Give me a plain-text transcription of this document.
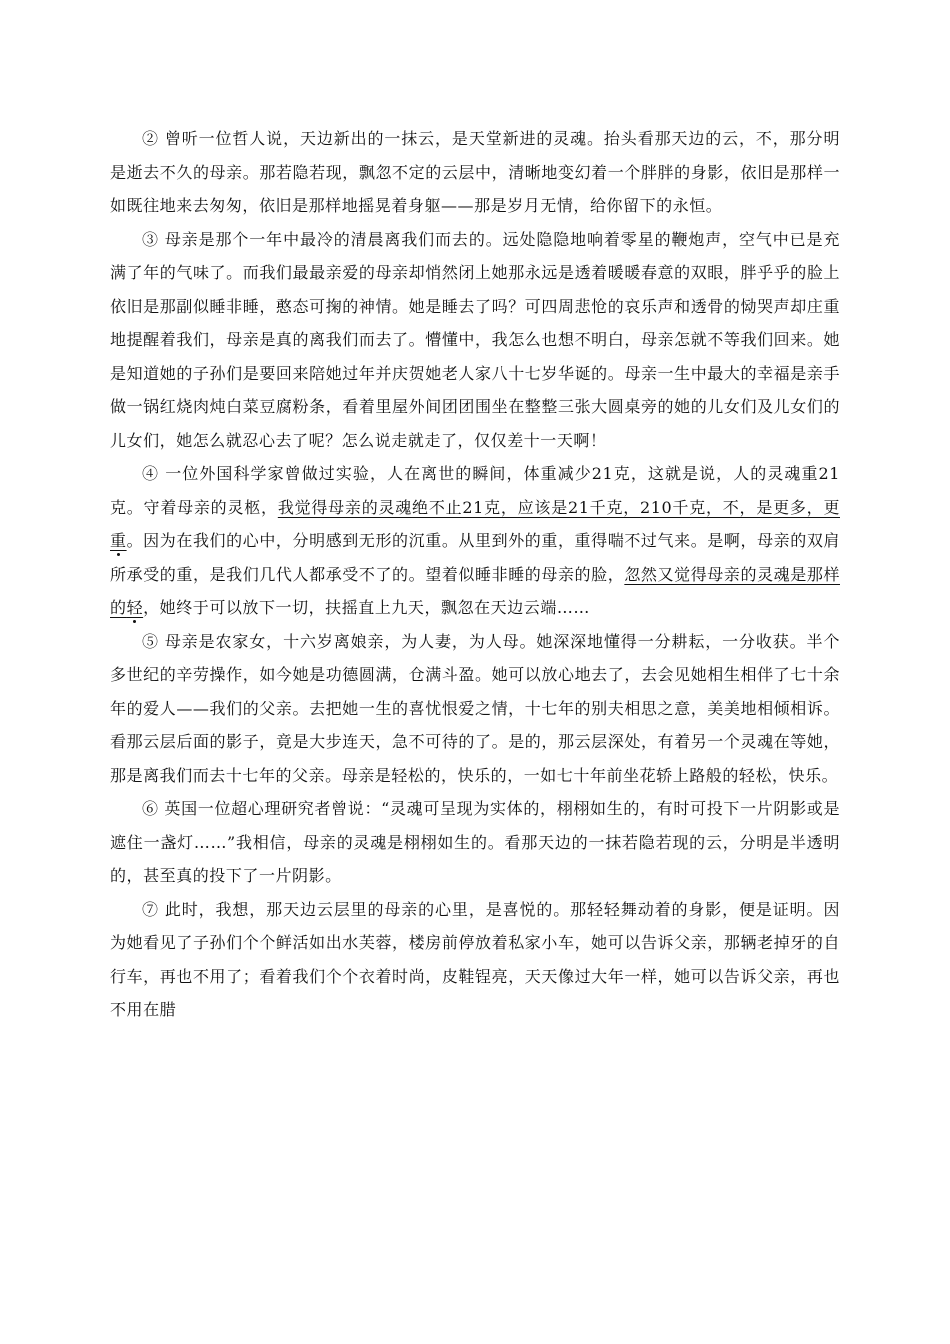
② 曾听一位哲人说，天边新出的一抹云，是天堂新进的灵魂。抬头看那天边的云，不，那分明是逝去不久的母亲。那若隐若现，飘忽不定的云层中，清晰地变幻着一个胖胖的身影，依旧是那样一如既往地来去匆匆，依旧是那样地摇晃着身躯——那是岁月无情，给你留下的永恒。

③ 母亲是那个一年中最冷的清晨离我们而去的。远处隐隐地响着零星的鞭炮声，空气中已是充满了年的气味了。而我们最最亲爱的母亲却悄然闭上她那永远是透着暖暖春意的双眼，胖乎乎的脸上依旧是那副似睡非睡，憨态可掬的神情。她是睡去了吗？可四周悲怆的哀乐声和透骨的恸哭声却庄重地提醒着我们，母亲是真的离我们而去了。懵懂中，我怎么也想不明白，母亲怎就不等我们回来。她是知道她的子孙们是要回来陪她过年并庆贺她老人家八十七岁华诞的。母亲一生中最大的幸福是亲手做一锅红烧肉炖白菜豆腐粉条，看着里屋外间团团围坐在整整三张大圆桌旁的她的儿女们及儿女们的儿女们，她怎么就忍心去了呢？怎么说走就走了，仅仅差十一天啊！

④ 一位外国科学家曾做过实验，人在离世的瞬间，体重减少21克，这就是说，人的灵魂重21克。守着母亲的灵柩，我觉得母亲的灵魂绝不止21克，应该是21千克，210千克，不，是更多，更重。因为在我们的心中，分明感到无形的沉重。从里到外的重，重得喘不过气来。是啊，母亲的双肩所承受的重，是我们几代人都承受不了的。望着似睡非睡的母亲的脸，忽然又觉得母亲的灵魂是那样的轻，她终于可以放下一切，扶摇直上九天，飘忽在天边云端……

⑤ 母亲是农家女，十六岁离娘亲，为人妻，为人母。她深深地懂得一分耕耘，一分收获。半个多世纪的辛劳操作，如今她是功德圆满，仓满斗盈。她可以放心地去了，去会见她相生相伴了七十余年的爱人——我们的父亲。去把她一生的喜忧恨爱之情，十七年的别夫相思之意，美美地相倾相诉。看那云层后面的影子，竟是大步连天，急不可待的了。是的，那云层深处，有着另一个灵魂在等她，那是离我们而去十七年的父亲。母亲是轻松的，快乐的，一如七十年前坐花轿上路般的轻松，快乐。

⑥ 英国一位超心理研究者曾说：“灵魂可呈现为实体的，栩栩如生的，有时可投下一片阴影或是遮住一盏灯……”我相信，母亲的灵魂是栩栩如生的。看那天边的一抹若隐若现的云，分明是半透明的，甚至真的投下了一片阴影。

⑦ 此时，我想，那天边云层里的母亲的心里，是喜悦的。那轻轻舞动着的身影，便是证明。因为她看见了子孙们个个鲜活如出水芙蓉，楼房前停放着私家小车，她可以告诉父亲，那辆老掉牙的自行车，再也不用了；看着我们个个衣着时尚，皮鞋锃亮，天天像过大年一样，她可以告诉父亲，再也不用在腊
